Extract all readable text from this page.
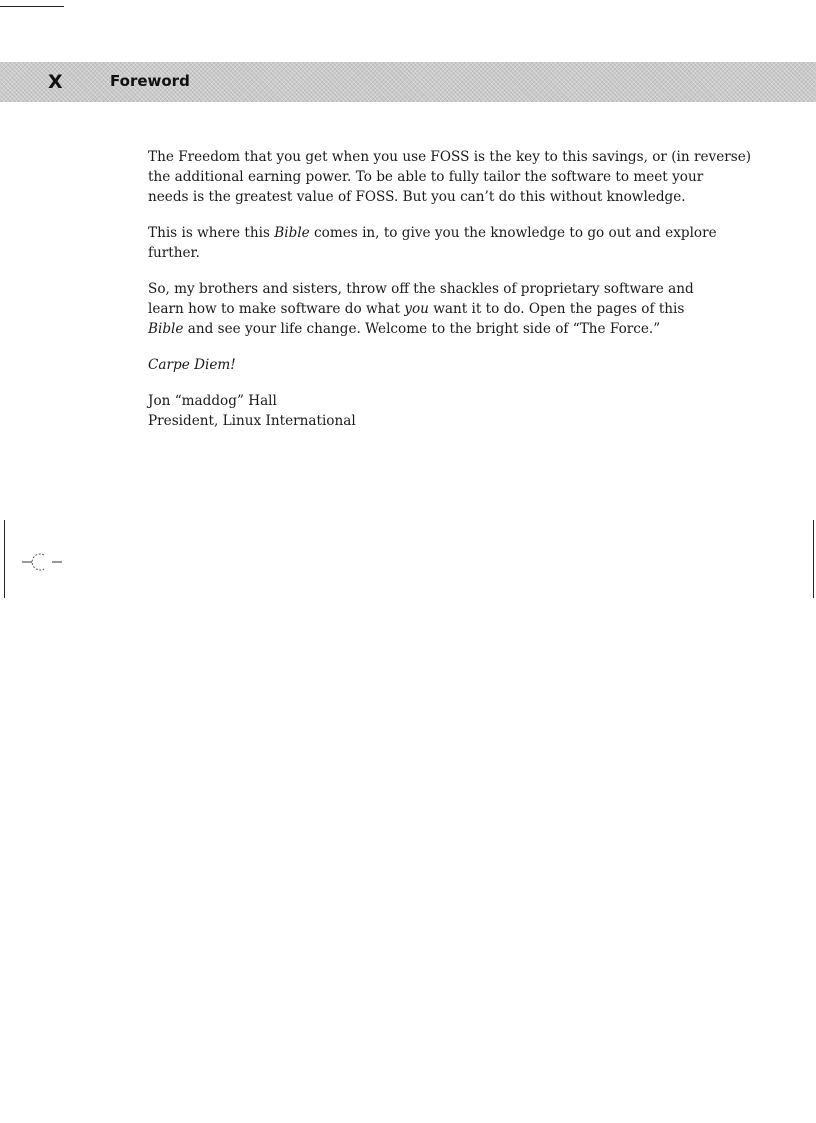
X	Foreword

The Freedom that you get when you use FOSS is the key to this savings, or (in reverse)
the additional earning power. To be able to fully tailor the software to meet your
needs is the greatest value of FOSS. But you can’t do this without knowledge.

This is where this Bible comes in, to give you the knowledge to go out and explore
further.

So, my brothers and sisters, throw off the shackles of proprietary software and
learn how to make software do what you want it to do. Open the pages of this
Bible and see your life change. Welcome to the bright side of “The Force.”

Carpe Diem!

Jon “maddog” Hall
President, Linux International
